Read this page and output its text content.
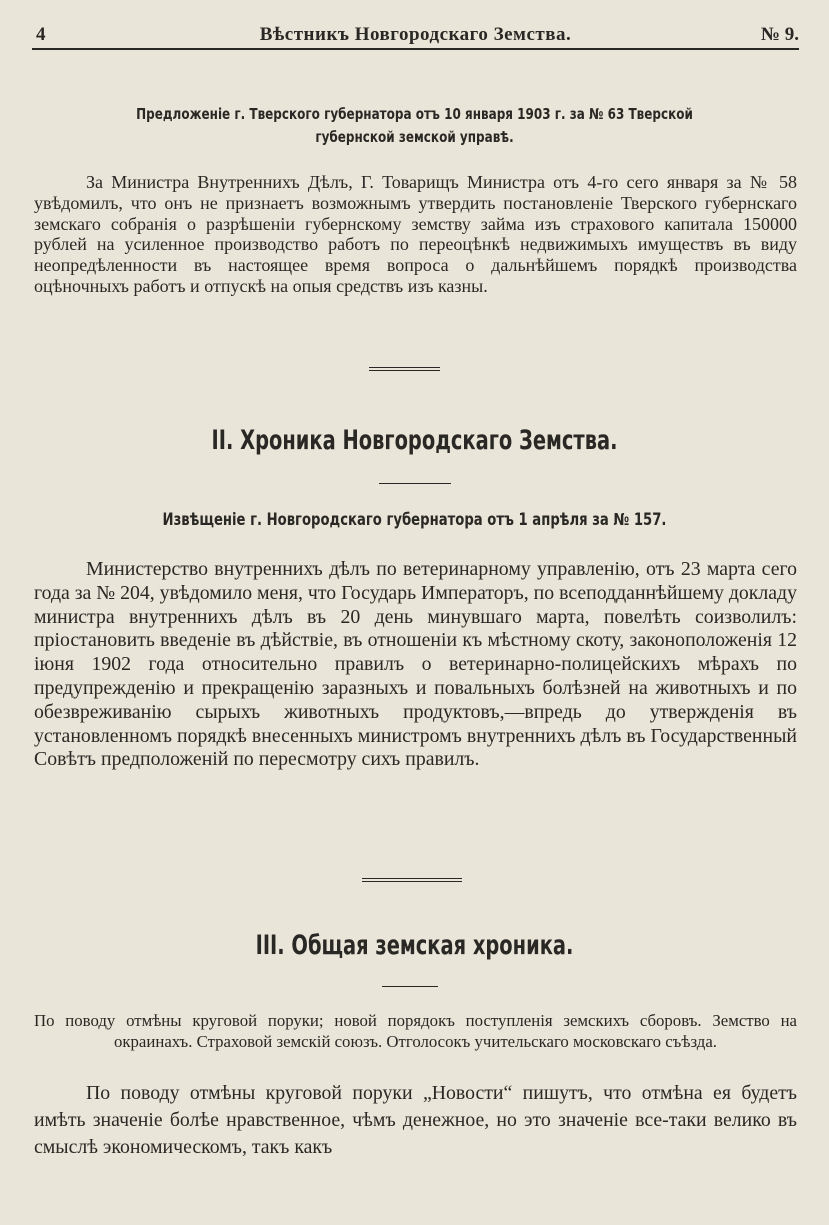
4	Вѣстникъ Новгородскаго Земства.	№ 9.
Предложеніе г. Тверского губернатора отъ 10 января 1903 г. за № 63 Тверской губернской земской управѣ.
За Министра Внутреннихъ Дѣлъ, Г. Товарищъ Министра отъ 4-го сего января за № 58 увѣдомилъ, что онъ не признаетъ возможнымъ утвердить постановленіе Тверского губернскаго земскаго собранія о разрѣшеніи губернскому земству займа изъ страхового капитала 150000 рублей на усиленное производство работъ по переоцѣнкѣ недвижимыхъ имуществъ въ виду неопредѣленности въ настоящее время вопроса о дальнѣйшемъ порядкѣ производства оцѣночныхъ работъ и отпускѣ на опыя средствъ изъ казны.
II. Хроника Новгородскаго Земства.
Извѣщеніе г. Новгородскаго губернатора отъ 1 апрѣля за № 157.
Министерство внутреннихъ дѣлъ по ветеринарному управленію, отъ 23 марта сего года за № 204, увѣдомило меня, что Государь Императоръ, по всеподданнѣйшему докладу министра внутреннихъ дѣлъ въ 20 день минувшаго марта, повелѣть соизволилъ: пріостановить введеніе въ дѣйствіе, въ отношеніи къ мѣстному скоту, законоположенія 12 іюня 1902 года относительно правилъ о ветеринарно-полицейскихъ мѣрахъ по предупрежденію и прекращенію заразныхъ и повальныхъ болѣзней на животныхъ и по обезвреживанію сырыхъ животныхъ продуктовъ,—впредь до утвержденія въ установленномъ порядкѣ внесенныхъ министромъ внутреннихъ дѣлъ въ Государственный Совѣтъ предположеній по пересмотру сихъ правилъ.
III. Общая земская хроника.
По поводу отмѣны круговой поруки; новой порядокъ поступленія земскихъ сборовъ. Земство на окраинахъ. Страховой земскій союзъ. Отголосокъ учительскаго московскаго съѣзда.
По поводу отмѣны круговой поруки „Новости“ пишутъ, что отмѣна ея будетъ имѣть значеніе болѣе нравственное, чѣмъ денежное, но это значеніе все-таки велико въ смыслѣ экономическомъ, такъ какъ
